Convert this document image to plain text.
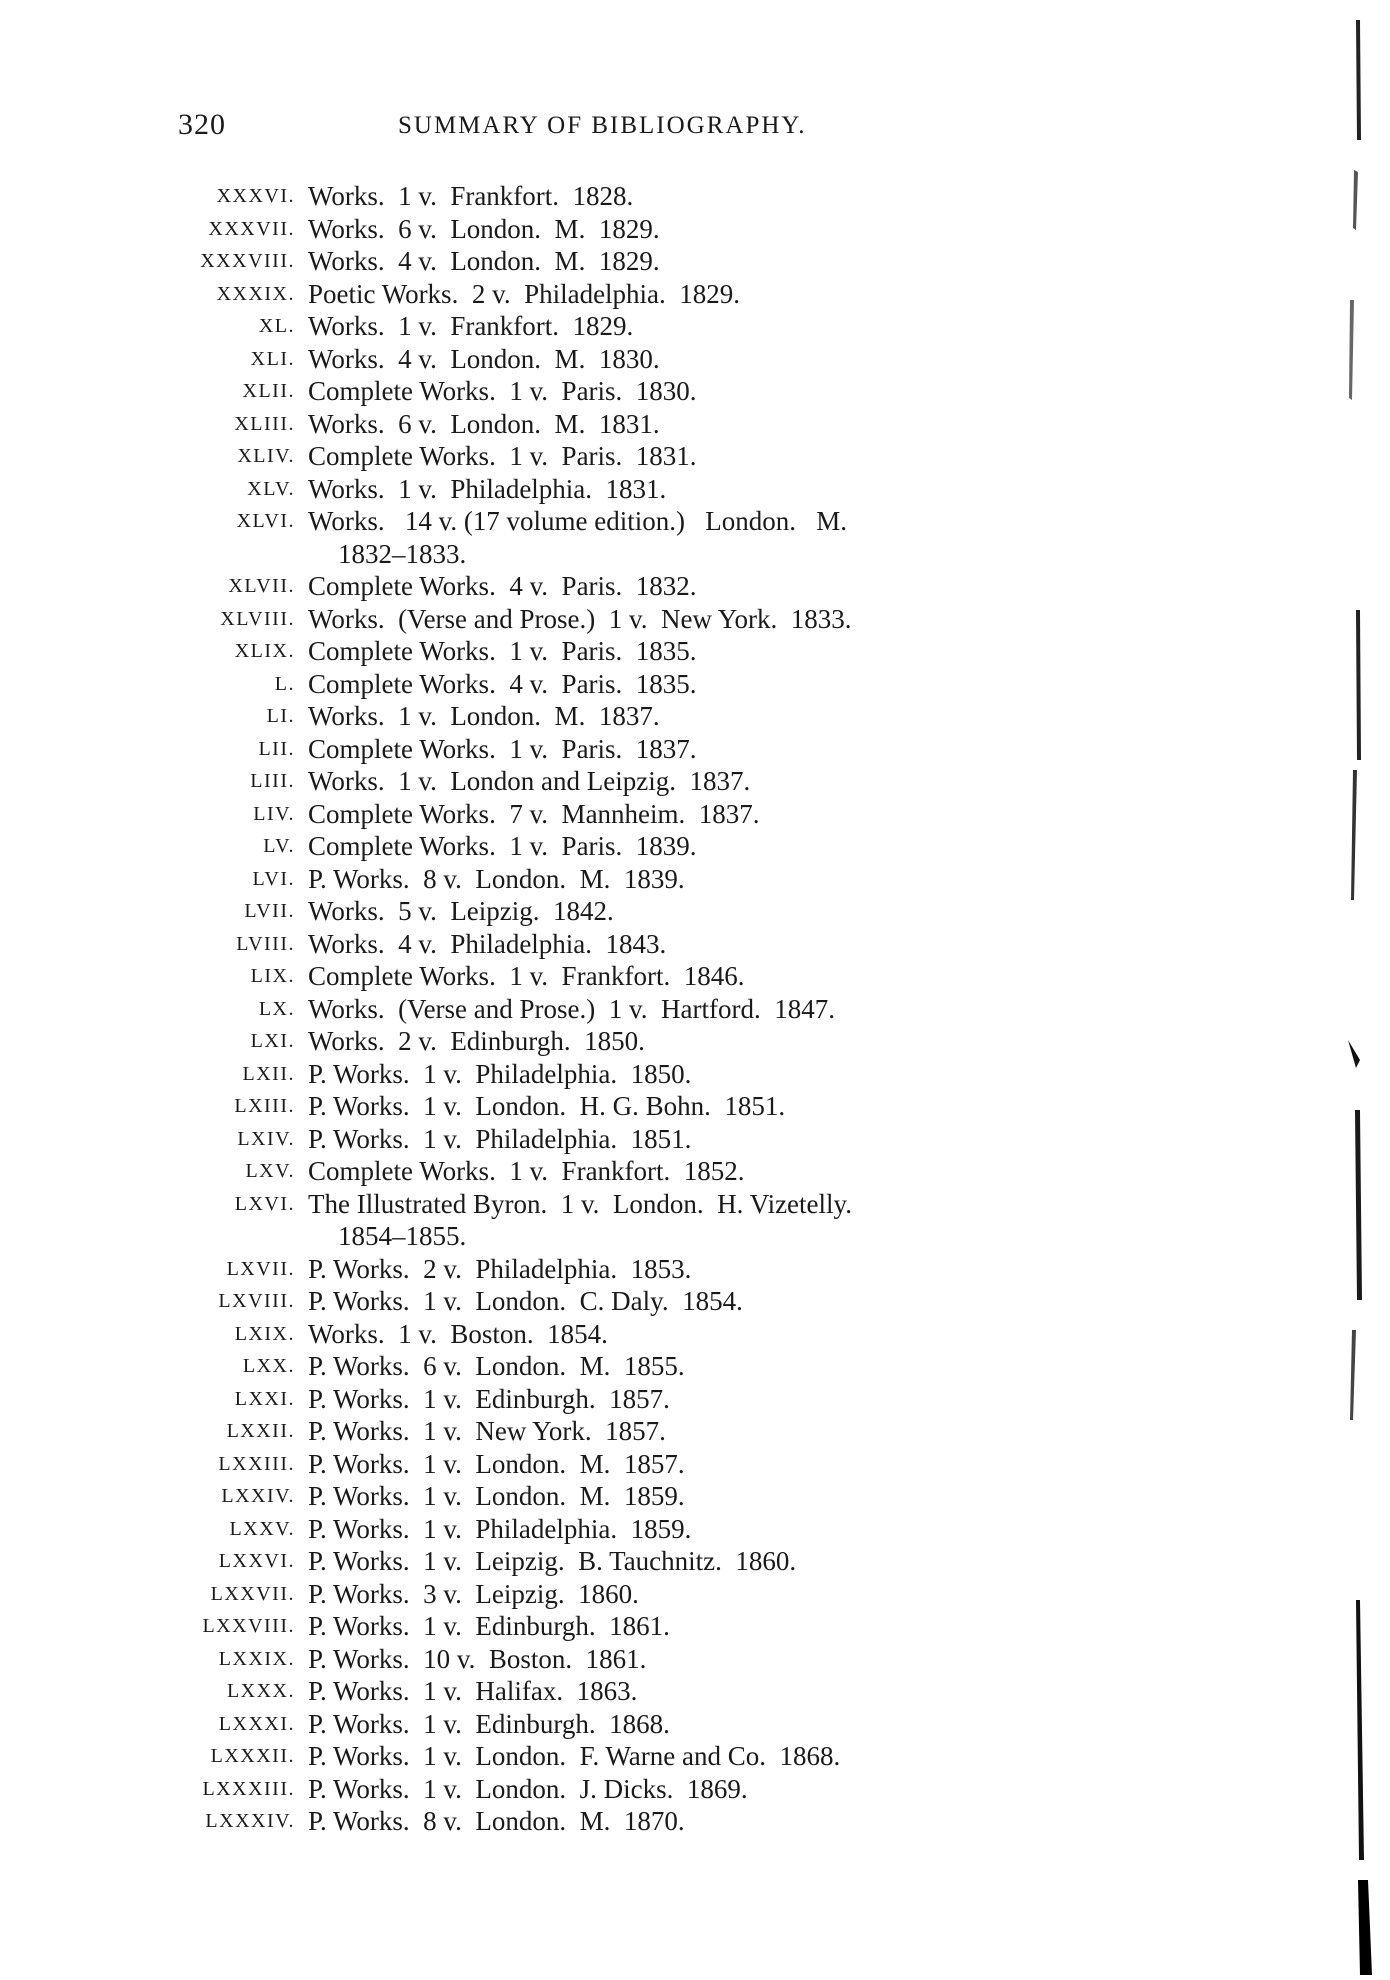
320	SUMMARY OF BIBLIOGRAPHY.
XXXVI. Works.  1 v.  Frankfort.  1828.
XXXVII. Works.  6 v.  London.  M.  1829.
XXXVIII. Works.  4 v.  London.  M.  1829.
XXXIX. Poetic Works.  2 v.  Philadelphia.  1829.
XL. Works.  1 v.  Frankfort.  1829.
XLI. Works.  4 v.  London.  M.  1830.
XLII. Complete Works.  1 v.  Paris.  1830.
XLIII. Works.  6 v.  London.  M.  1831.
XLIV. Complete Works.  1 v.  Paris.  1831.
XLV. Works.  1 v.  Philadelphia.  1831.
XLVI. Works.   14 v. (17 volume edition.)   London.   M.
1832–1833.
XLVII. Complete Works.  4 v.  Paris.  1832.
XLVIII. Works.  (Verse and Prose.)  1 v.  New York.  1833.
XLIX. Complete Works.  1 v.  Paris.  1835.
L. Complete Works.  4 v.  Paris.  1835.
LI. Works.  1 v.  London.  M.  1837.
LII. Complete Works.  1 v.  Paris.  1837.
LIII. Works.  1 v.  London and Leipzig.  1837.
LIV. Complete Works.  7 v.  Mannheim.  1837.
LV. Complete Works.  1 v.  Paris.  1839.
LVI. P. Works.  8 v.  London.  M.  1839.
LVII. Works.  5 v.  Leipzig.  1842.
LVIII. Works.  4 v.  Philadelphia.  1843.
LIX. Complete Works.  1 v.  Frankfort.  1846.
LX. Works.  (Verse and Prose.)  1 v.  Hartford.  1847.
LXI. Works.  2 v.  Edinburgh.  1850.
LXII. P. Works.  1 v.  Philadelphia.  1850.
LXIII. P. Works.  1 v.  London.  H. G. Bohn.  1851.
LXIV. P. Works.  1 v.  Philadelphia.  1851.
LXV. Complete Works.  1 v.  Frankfort.  1852.
LXVI. The Illustrated Byron.  1 v.  London.  H. Vizetelly.
1854–1855.
LXVII. P. Works.  2 v.  Philadelphia.  1853.
LXVIII. P. Works.  1 v.  London.  C. Daly.  1854.
LXIX. Works.  1 v.  Boston.  1854.
LXX. P. Works.  6 v.  London.  M.  1855.
LXXI. P. Works.  1 v.  Edinburgh.  1857.
LXXII. P. Works.  1 v.  New York.  1857.
LXXIII. P. Works.  1 v.  London.  M.  1857.
LXXIV. P. Works.  1 v.  London.  M.  1859.
LXXV. P. Works.  1 v.  Philadelphia.  1859.
LXXVI. P. Works.  1 v.  Leipzig.  B. Tauchnitz.  1860.
LXXVII. P. Works.  3 v.  Leipzig.  1860.
LXXVIII. P. Works.  1 v.  Edinburgh.  1861.
LXXIX. P. Works.  10 v.  Boston.  1861.
LXXX. P. Works.  1 v.  Halifax.  1863.
LXXXI. P. Works.  1 v.  Edinburgh.  1868.
LXXXII. P. Works.  1 v.  London.  F. Warne and Co.  1868.
LXXXIII. P. Works.  1 v.  London.  J. Dicks.  1869.
LXXXIV. P. Works.  8 v.  London.  M.  1870.
